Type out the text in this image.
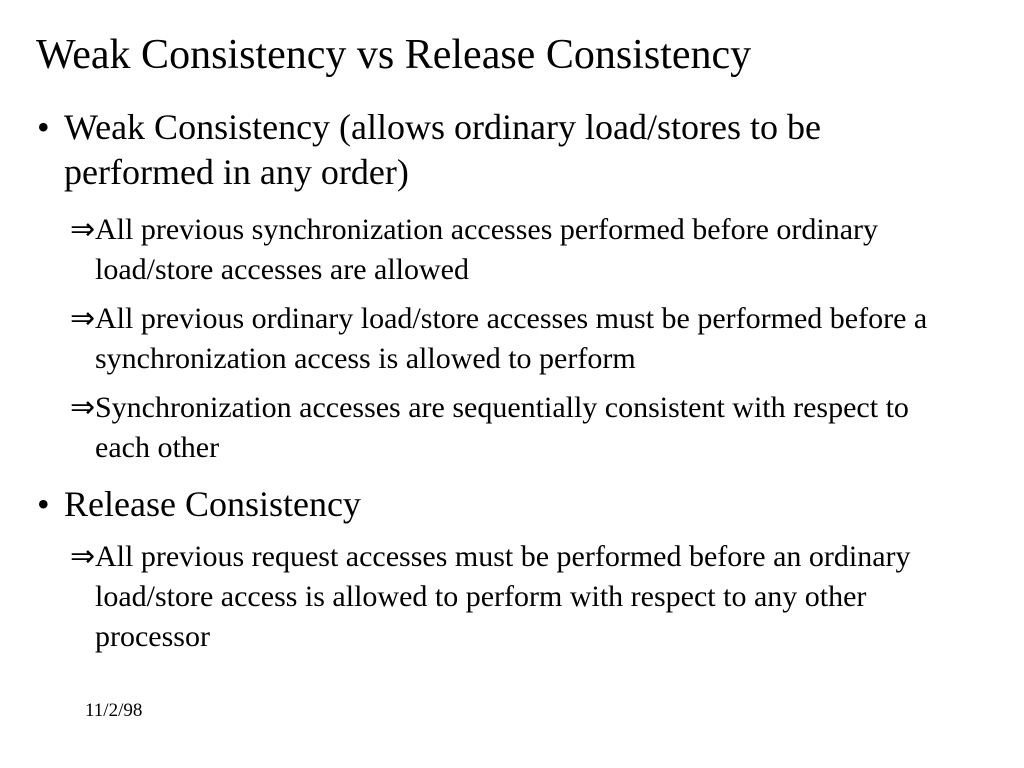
Weak Consistency vs Release Consistency
• Weak Consistency (allows ordinary load/stores to be performed in any order)
⇒All previous synchronization accesses performed before ordinary load/store accesses are allowed
⇒All previous ordinary load/store accesses must be performed before a synchronization access is allowed to perform
⇒Synchronization accesses are sequentially consistent with respect to each other
• Release Consistency
⇒All previous request accesses must be performed before an ordinary load/store access is allowed to perform with respect to any other processor
11/2/98
